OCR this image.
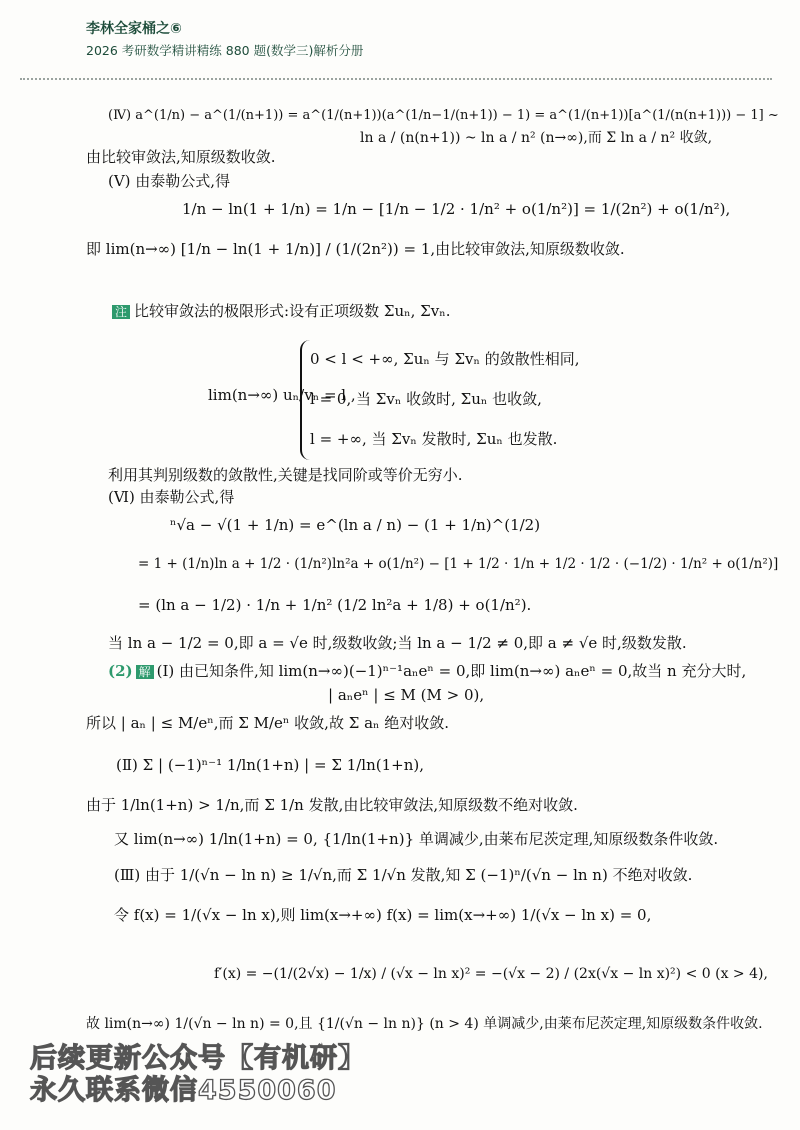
李林全家桶之⑥
2026 考研数学精讲精练 880 题(数学三)解析分册
(Ⅳ) a^(1/n) − a^(1/(n+1)) = a^(1/(n+1))(a^(1/n−1/(n+1)) − 1) = a^(1/(n+1))[a^(1/(n(n+1))) − 1] ~
ln a / (n(n+1)) ~ ln a / n² (n→∞),而 Σ ln a / n² 收敛,
由比较审敛法,知原级数收敛.
(Ⅴ) 由泰勒公式,得
1/n − ln(1 + 1/n) = 1/n − [1/n − 1/2 · 1/n² + o(1/n²)] = 1/(2n²) + o(1/n²),
即 lim(n→∞) [1/n − ln(1 + 1/n)] / (1/(2n²)) = 1,由比较审敛法,知原级数收敛.
注 比较审敛法的极限形式:设有正项级数 Σuₙ, Σvₙ.
lim(n→∞) uₙ/vₙ = l ,
0 < l < +∞, Σuₙ 与 Σvₙ 的敛散性相同,
l = 0, 当 Σvₙ 收敛时, Σuₙ 也收敛,
l = +∞, 当 Σvₙ 发散时, Σuₙ 也发散.
利用其判别级数的敛散性,关键是找同阶或等价无穷小.
(Ⅵ) 由泰勒公式,得
ⁿ√a − √(1 + 1/n) = e^(ln a / n) − (1 + 1/n)^(1/2)
= 1 + (1/n)ln a + 1/2 · (1/n²)ln²a + o(1/n²) − [1 + 1/2 · 1/n + 1/2 · 1/2 · (−1/2) · 1/n² + o(1/n²)]
= (ln a − 1/2) · 1/n + 1/n² (1/2 ln²a + 1/8) + o(1/n²).
当 ln a − 1/2 = 0,即 a = √e 时,级数收敛;当 ln a − 1/2 ≠ 0,即 a ≠ √e 时,级数发散.
(2) 解 (Ⅰ) 由已知条件,知 lim(n→∞)(−1)ⁿ⁻¹aₙeⁿ = 0,即 lim(n→∞) aₙeⁿ = 0,故当 n 充分大时,
| aₙeⁿ | ≤ M (M > 0),
所以 | aₙ | ≤ M/eⁿ,而 Σ M/eⁿ 收敛,故 Σ aₙ 绝对收敛.
(Ⅱ) Σ | (−1)ⁿ⁻¹ 1/ln(1+n) | = Σ 1/ln(1+n),
由于 1/ln(1+n) > 1/n,而 Σ 1/n 发散,由比较审敛法,知原级数不绝对收敛.
又 lim(n→∞) 1/ln(1+n) = 0, {1/ln(1+n)} 单调减少,由莱布尼茨定理,知原级数条件收敛.
(Ⅲ) 由于 1/(√n − ln n) ≥ 1/√n,而 Σ 1/√n 发散,知 Σ (−1)ⁿ/(√n − ln n) 不绝对收敛.
令 f(x) = 1/(√x − ln x),则 lim(x→+∞) f(x) = lim(x→+∞) 1/(√x − ln x) = 0,
f′(x) = −(1/(2√x) − 1/x) / (√x − ln x)² = −(√x − 2) / (2x(√x − ln x)²) < 0 (x > 4),
故 lim(n→∞) 1/(√n − ln n) = 0,且 {1/(√n − ln n)} (n > 4) 单调减少,由莱布尼茨定理,知原级数条件收敛.
后续更新公众号【有机研】
永久联系微信4550060
